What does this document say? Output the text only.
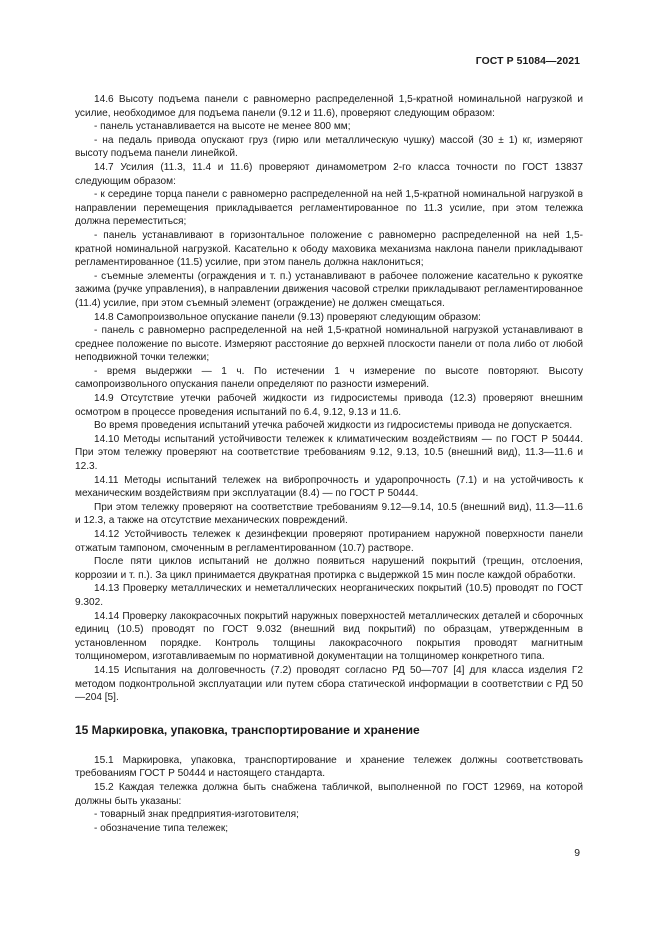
ГОСТ Р 51084—2021

14.6 Высоту подъема панели с равномерно распределенной 1,5-кратной номинальной нагрузкой и усилие, необходимое для подъема панели (9.12 и 11.6), проверяют следующим образом:

- панель устанавливается на высоте не менее 800 мм;

- на педаль привода опускают груз (гирю или металлическую чушку) массой (30 ± 1) кг, измеряют высоту подъема панели линейкой.

14.7 Усилия (11.3, 11.4 и 11.6) проверяют динамометром 2-го класса точности по ГОСТ 13837 следующим образом:

- к середине торца панели с равномерно распределенной на ней 1,5-кратной номинальной нагрузкой в направлении перемещения прикладывается регламентированное по 11.3 усилие, при этом тележка должна переместиться;

- панель устанавливают в горизонтальное положение с равномерно распределенной на ней 1,5-кратной номинальной нагрузкой. Касательно к ободу маховика механизма наклона панели прикладывают регламентированное (11.5) усилие, при этом панель должна наклониться;

- съемные элементы (ограждения и т. п.) устанавливают в рабочее положение касательно к рукоятке зажима (ручке управления), в направлении движения часовой стрелки прикладывают регламентированное (11.4) усилие, при этом съемный элемент (ограждение) не должен смещаться.

14.8 Самопроизвольное опускание панели (9.13) проверяют следующим образом:

- панель с равномерно распределенной на ней 1,5-кратной номинальной нагрузкой устанавливают в среднее положение по высоте. Измеряют расстояние до верхней плоскости панели от пола либо от любой неподвижной точки тележки;

- время выдержки — 1 ч. По истечении 1 ч измерение по высоте повторяют. Высоту самопроизвольного опускания панели определяют по разности измерений.

14.9 Отсутствие утечки рабочей жидкости из гидросистемы привода (12.3) проверяют внешним осмотром в процессе проведения испытаний по 6.4, 9.12, 9.13 и 11.6.

Во время проведения испытаний утечка рабочей жидкости из гидросистемы привода не допускается.

14.10 Методы испытаний устойчивости тележек к климатическим воздействиям — по ГОСТ Р 50444. При этом тележку проверяют на соответствие требованиям 9.12, 9.13, 10.5 (внешний вид), 11.3—11.6 и 12.3.

14.11 Методы испытаний тележек на вибропрочность и ударопрочность (7.1) и на устойчивость к механическим воздействиям при эксплуатации (8.4) — по ГОСТ Р 50444.

При этом тележку проверяют на соответствие требованиям 9.12—9.14, 10.5 (внешний вид), 11.3—11.6 и 12.3, а также на отсутствие механических повреждений.

14.12 Устойчивость тележек к дезинфекции проверяют протиранием наружной поверхности панели отжатым тампоном, смоченным в регламентированном (10.7) растворе.

После пяти циклов испытаний не должно появиться нарушений покрытий (трещин, отслоения, коррозии и т. п.). За цикл принимается двукратная протирка с выдержкой 15 мин после каждой обработки.

14.13 Проверку металлических и неметаллических неорганических покрытий (10.5) проводят по ГОСТ 9.302.

14.14 Проверку лакокрасочных покрытий наружных поверхностей металлических деталей и сборочных единиц (10.5) проводят по ГОСТ 9.032 (внешний вид покрытий) по образцам, утвержденным в установленном порядке. Контроль толщины лакокрасочного покрытия проводят магнитным толщиномером, изготавливаемым по нормативной документации на толщиномер конкретного типа.

14.15 Испытания на долговечность (7.2) проводят согласно РД 50—707 [4] для класса изделия Г2 методом подконтрольной эксплуатации или путем сбора статической информации в соответствии с РД 50—204 [5].

15 Маркировка, упаковка, транспортирование и хранение

15.1 Маркировка, упаковка, транспортирование и хранение тележек должны соответствовать требованиям ГОСТ Р 50444 и настоящего стандарта.

15.2 Каждая тележка должна быть снабжена табличкой, выполненной по ГОСТ 12969, на которой должны быть указаны:

- товарный знак предприятия-изготовителя;

- обозначение типа тележек;

9
